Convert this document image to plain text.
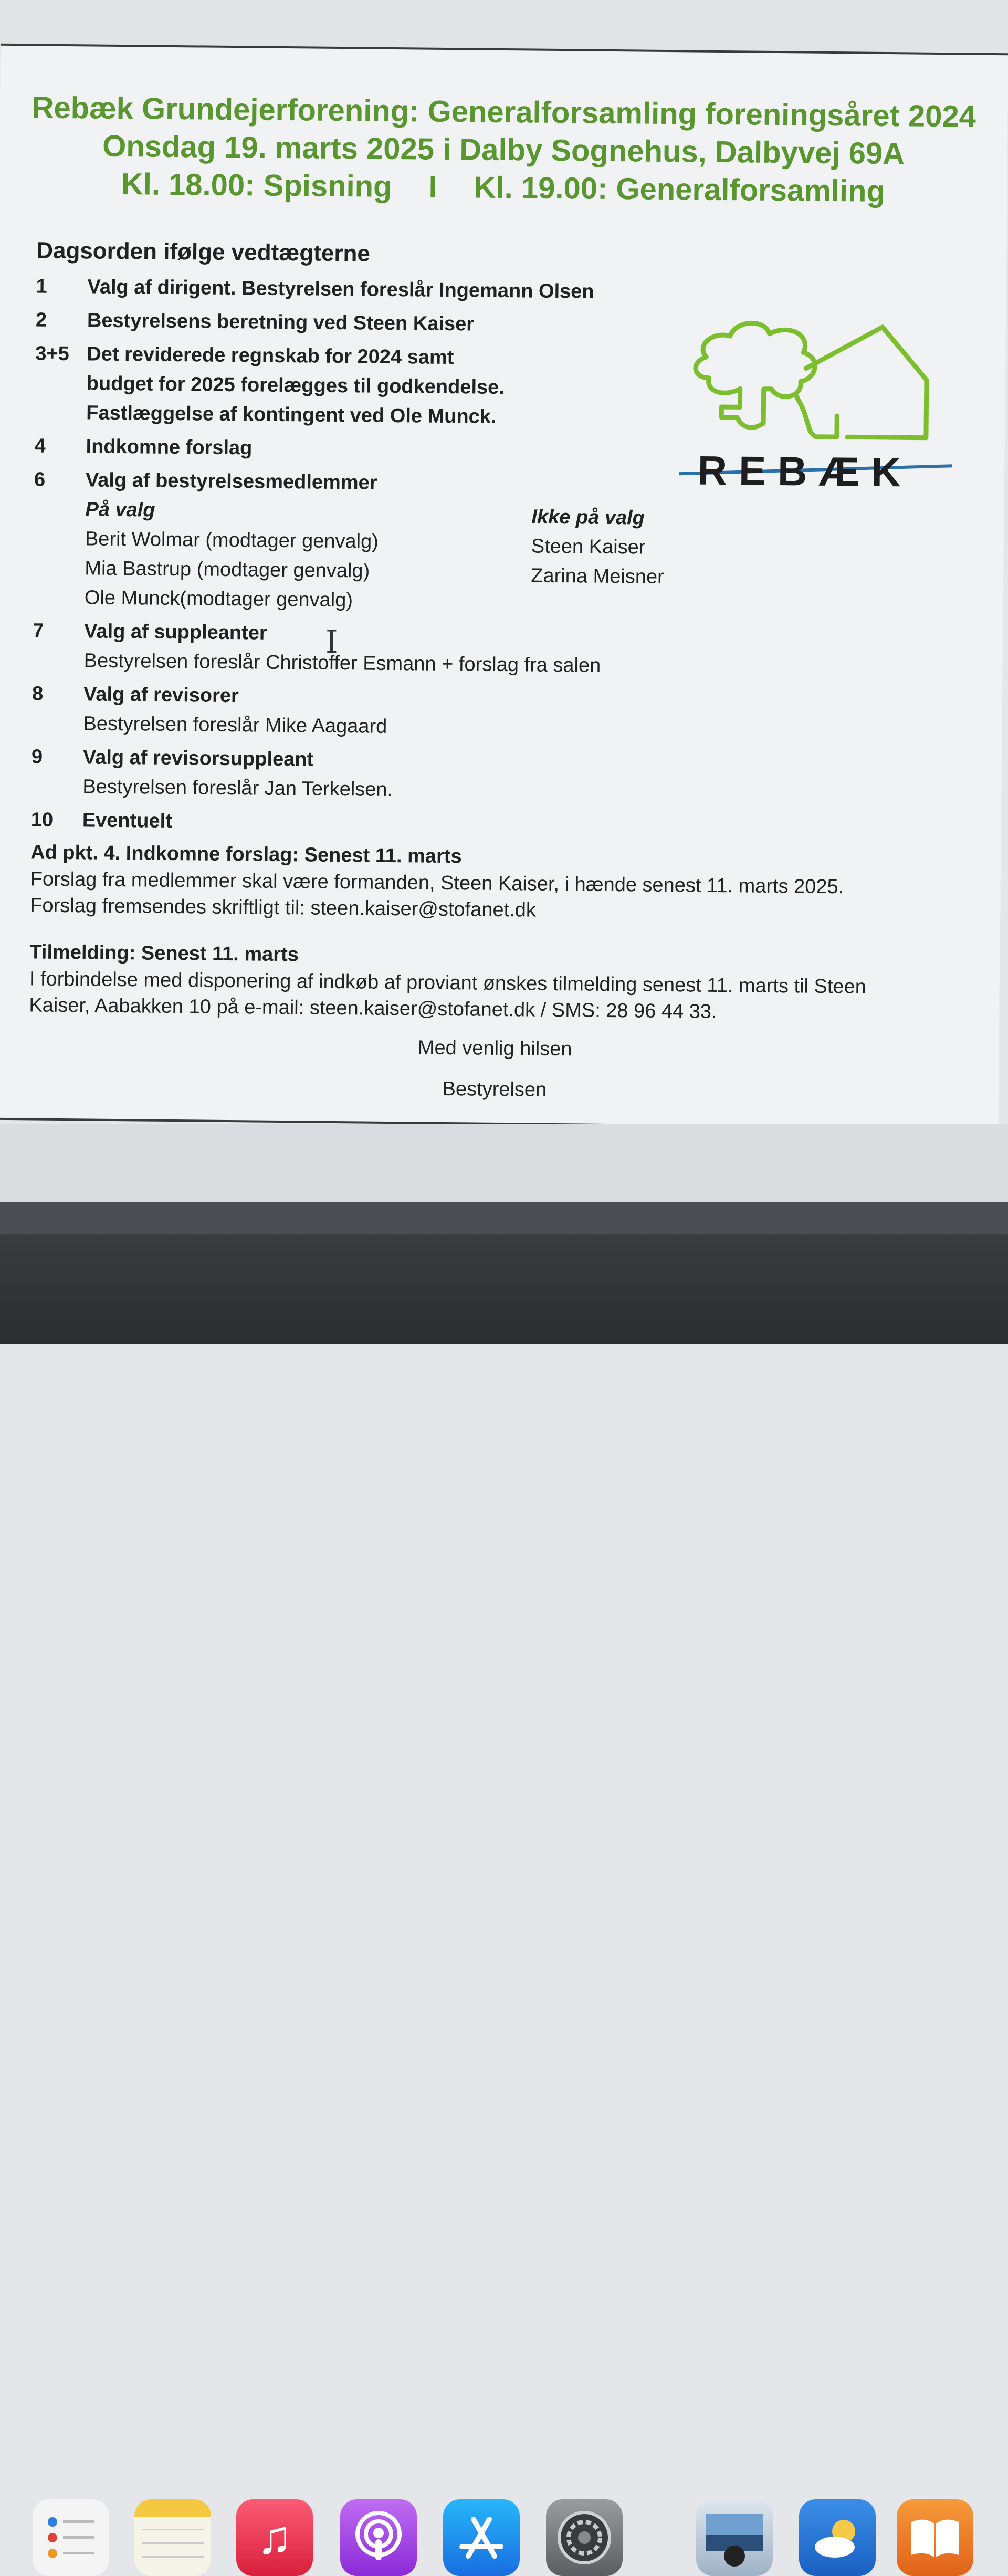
Rebæk Grundejerforening: Generalforsamling foreningsåret 2024
Onsdag 19. marts 2025 i Dalby Sognehus, Dalbyvej 69A
Kl. 18.00: Spisning I Kl. 19.00: Generalforsamling
Dagsorden ifølge vedtægterne
REBÆK
1	Valg af dirigent. Bestyrelsen foreslår Ingemann Olsen
2	Bestyrelsens beretning ved Steen Kaiser
3+5 Det reviderede regnskab for 2024 samt
budget for 2025 forelægges til godkendelse.
Fastlæggelse af kontingent ved Ole Munck.
4	Indkomne forslag
6	Valg af bestyrelsesmedlemmer
På valg
Berit Wolmar (modtager genvalg)
Mia Bastrup (modtager genvalg)
Ole Munck(modtager genvalg)
Ikke på valg
Steen Kaiser
Zarina Meisner
7	Valg af suppleanter
Bestyrelsen foreslår Christoffer Esmann + forslag fra salen
8	Valg af revisorer
Bestyrelsen foreslår Mike Aagaard
9	Valg af revisorsuppleant
Bestyrelsen foreslår Jan Terkelsen.
10	Eventuelt
Ad pkt. 4. Indkomne forslag: Senest 11. marts
Forslag fra medlemmer skal være formanden, Steen Kaiser, i hænde senest 11. marts 2025.
Forslag fremsendes skriftligt til: steen.kaiser@stofanet.dk
Tilmelding: Senest 11. marts
I forbindelse med disponering af indkøb af proviant ønskes tilmelding senest 11. marts til Steen
Kaiser, Aabakken 10 på e-mail: steen.kaiser@stofanet.dk / SMS: 28 96 44 33.
Med venlig hilsen
Bestyrelsen
I
♫
